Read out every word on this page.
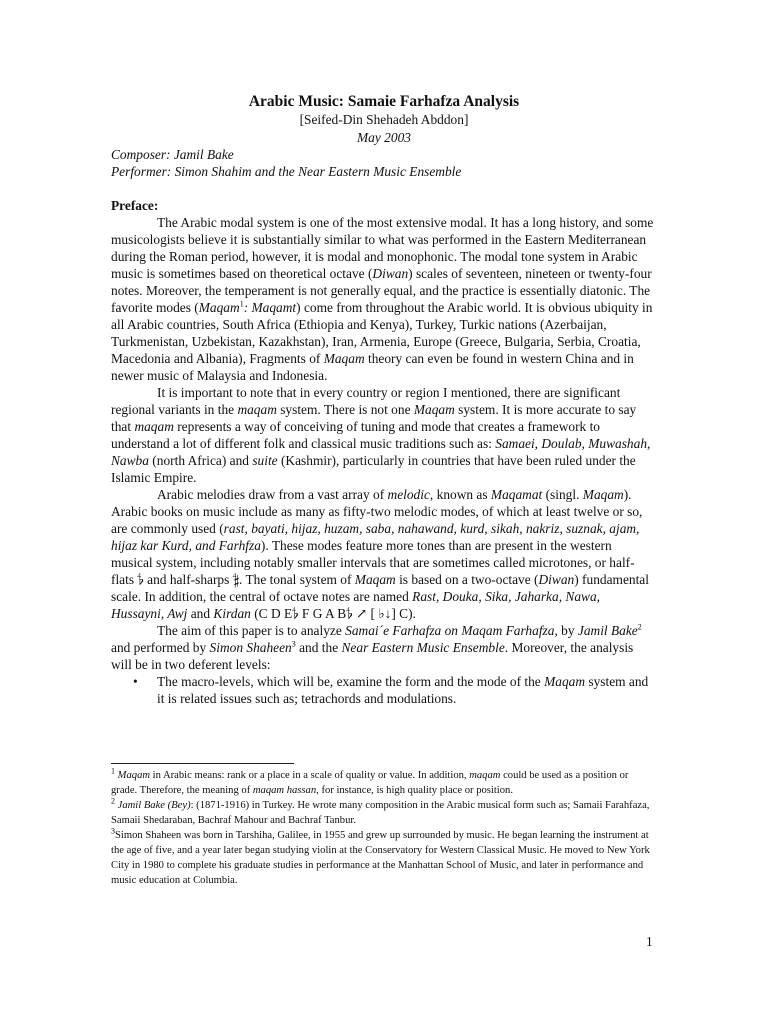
Arabic Music: Samaie Farhafza Analysis
[Seifed-Din Shehadeh Abddon]
May 2003
Composer: Jamil Bake
Performer: Simon Shahim and the Near Eastern Music Ensemble
Preface:

The Arabic modal system is one of the most extensive modal. It has a long history, and some musicologists believe it is substantially similar to what was performed in the Eastern Mediterranean during the Roman period, however, it is modal and monophonic. The modal tone system in Arabic music is sometimes based on theoretical octave (Diwan) scales of seventeen, nineteen or twenty-four notes. Moreover, the temperament is not generally equal, and the practice is essentially diatonic. The favorite modes (Maqam$^1$: Maqamt) come from throughout the Arabic world. It is obvious ubiquity in all Arabic countries, South Africa (Ethiopia and Kenya), Turkey, Turkic nations (Azerbaijan, Turkmenistan, Uzbekistan, Kazakhstan), Iran, Armenia, Europe (Greece, Bulgaria, Serbia, Croatia, Macedonia and Albania), Fragments of Maqam theory can even be found in western China and in newer music of Malaysia and Indonesia.

It is important to note that in every country or region I mentioned, there are significant regional variants in the maqam system. There is not one Maqam system. It is more accurate to say that maqam represents a way of conceiving of tuning and mode that creates a framework to understand a lot of different folk and classical music traditions such as: Samaei, Doulab, Muwashah, Nawba (north Africa) and suite (Kashmir), particularly in countries that have been ruled under the Islamic Empire.

Arabic melodies draw from a vast array of melodic, known as Maqamat (singl. Maqam). Arabic books on music include as many as fifty-two melodic modes, of which at least twelve or so, are commonly used (rast, bayati, hijaz, huzam, saba, nahawand, kurd, sikah, nakriz, suznak, ajam, hijaz kar Kurd, and Farhfza). These modes feature more tones than are present in the western musical system, including notably smaller intervals that are sometimes called microtones, or half-flats 𝄳 and half-sharps 𝄲. The tonal system of Maqam is based on a two-octave (Diwan) fundamental scale. In addition, the central of octave notes are named Rast, Douka, Sika, Jaharka, Nawa, Hussayni, Awj and Kirdan (C D E𝄳 F G A B𝄳 ↗ [ ♭↓] C).

The aim of this paper is to analyze Samai´e Farhafza on Maqam Farhafza, by Jamil Bake$^2$ and performed by Simon Shaheen$^3$ and the Near Eastern Music Ensemble. Moreover, the analysis will be in two deferent levels:

• The macro-levels, which will be, examine the form and the mode of the Maqam system and it is related issues such as; tetrachords and modulations.
$^1$ Maqam in Arabic means: rank or a place in a scale of quality or value. In addition, maqam could be used as a position or grade. Therefore, the meaning of maqam hassan, for instance, is high quality place or position.
$^2$ Jamil Bake (Bey): (1871-1916) in Turkey. He wrote many composition in the Arabic musical form such as; Samaii Farahfaza, Samaii Shedaraban, Bachraf Mahour and Bachraf Tanbur.
$^3$Simon Shaheen was born in Tarshiha, Galilee, in 1955 and grew up surrounded by music. He began learning the instrument at the age of five, and a year later began studying violin at the Conservatory for Western Classical Music. He moved to New York City in 1980 to complete his graduate studies in performance at the Manhattan School of Music, and later in performance and music education at Columbia.
1
